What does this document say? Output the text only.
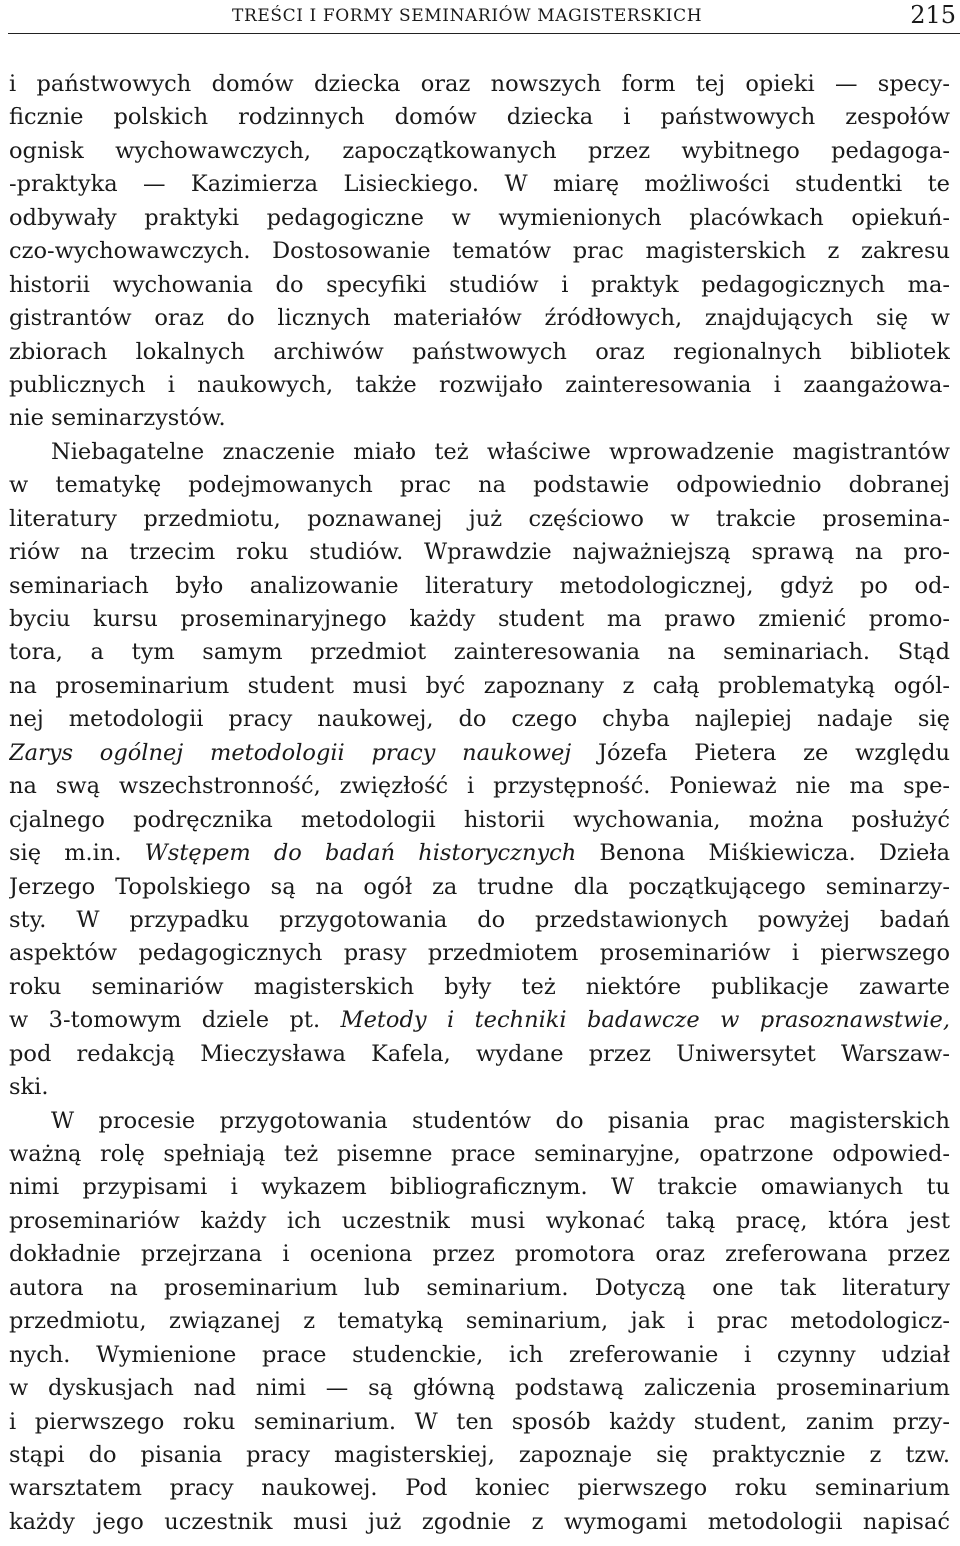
TREŚCI I FORMY SEMINARIÓW MAGISTERSKICH	215
i państwowych domów dziecka oraz nowszych form tej opieki — specy-
ficznie polskich rodzinnych domów dziecka i państwowych zespołów
ognisk wychowawczych, zapoczątkowanych przez wybitnego pedagoga-
-praktyka — Kazimierza Lisieckiego. W miarę możliwości studentki te
odbywały praktyki pedagogiczne w wymienionych placówkach opiekuń-
czo-wychowawczych. Dostosowanie tematów prac magisterskich z zakresu
historii wychowania do specyfiki studiów i praktyk pedagogicznych ma-
gistrantów oraz do licznych materiałów źródłowych, znajdujących się w
zbiorach lokalnych archiwów państwowych oraz regionalnych bibliotek
publicznych i naukowych, także rozwijało zainteresowania i zaangażowa-
nie seminarzystów.
Niebagatelne znaczenie miało też właściwe wprowadzenie magistrantów
w tematykę podejmowanych prac na podstawie odpowiednio dobranej
literatury przedmiotu, poznawanej już częściowo w trakcie prosemina-
riów na trzecim roku studiów. Wprawdzie najważniejszą sprawą na pro-
seminariach było analizowanie literatury metodologicznej, gdyż po od-
byciu kursu proseminaryjnego każdy student ma prawo zmienić promo-
tora, a tym samym przedmiot zainteresowania na seminariach. Stąd
na proseminarium student musi być zapoznany z całą problematyką ogól-
nej metodologii pracy naukowej, do czego chyba najlepiej nadaje się
Zarys ogólnej metodologii pracy naukowej Józefa Pietera ze względu
na swą wszechstronność, zwięzłość i przystępność. Ponieważ nie ma spe-
cjalnego podręcznika metodologii historii wychowania, można posłużyć
się m.in. Wstępem do badań historycznych Benona Miśkiewicza. Dzieła
Jerzego Topolskiego są na ogół za trudne dla początkującego seminarzy-
sty. W przypadku przygotowania do przedstawionych powyżej badań
aspektów pedagogicznych prasy przedmiotem proseminariów i pierwszego
roku seminariów magisterskich były też niektóre publikacje zawarte
w 3-tomowym dziele pt. Metody i techniki badawcze w prasoznawstwie,
pod redakcją Mieczysława Kafela, wydane przez Uniwersytet Warszaw-
ski.
W procesie przygotowania studentów do pisania prac magisterskich
ważną rolę spełniają też pisemne prace seminaryjne, opatrzone odpowied-
nimi przypisami i wykazem bibliograficznym. W trakcie omawianych tu
proseminariów każdy ich uczestnik musi wykonać taką pracę, która jest
dokładnie przejrzana i oceniona przez promotora oraz zreferowana przez
autora na proseminarium lub seminarium. Dotyczą one tak literatury
przedmiotu, związanej z tematyką seminarium, jak i prac metodologicz-
nych. Wymienione prace studenckie, ich zreferowanie i czynny udział
w dyskusjach nad nimi — są główną podstawą zaliczenia proseminarium
i pierwszego roku seminarium. W ten sposób każdy student, zanim przy-
stąpi do pisania pracy magisterskiej, zapoznaje się praktycznie z tzw.
warsztatem pracy naukowej. Pod koniec pierwszego roku seminarium
każdy jego uczestnik musi już zgodnie z wymogami metodologii napisać
